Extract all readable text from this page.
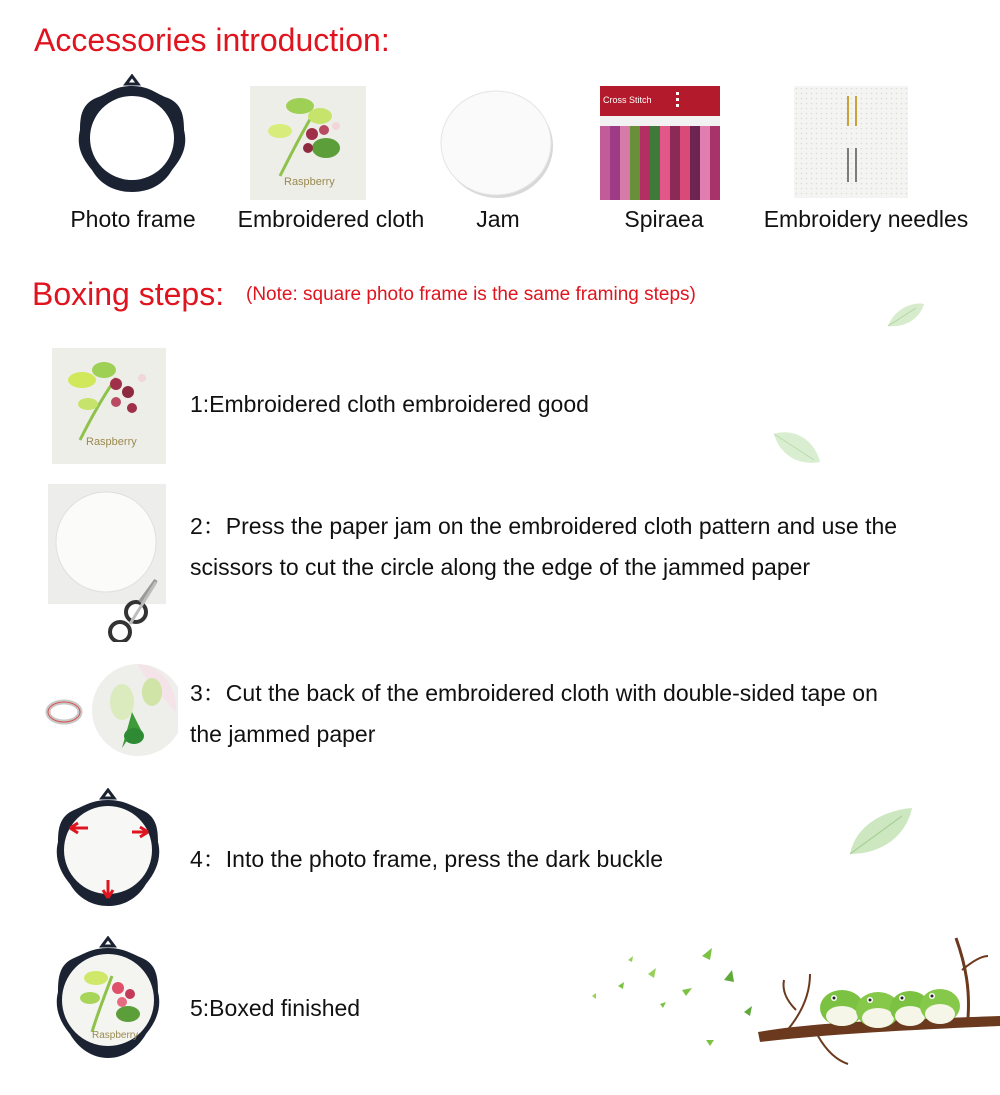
Accessories introduction:
Photo frame
Raspberry
Embroidered cloth	Jam
Cross Stitch
Spiraea	Embroidery needles
Boxing steps: (Note: square photo frame is the same framing steps)
Raspberry
1:Embroidered cloth embroidered good
2：Press the paper jam on the embroidered cloth pattern and use the scissors to cut the circle along the edge of the jammed paper
3：Cut the back of the embroidered cloth with double-sided tape on the jammed paper
4：Into the photo frame, press the dark buckle
Raspberry
5:Boxed finished
